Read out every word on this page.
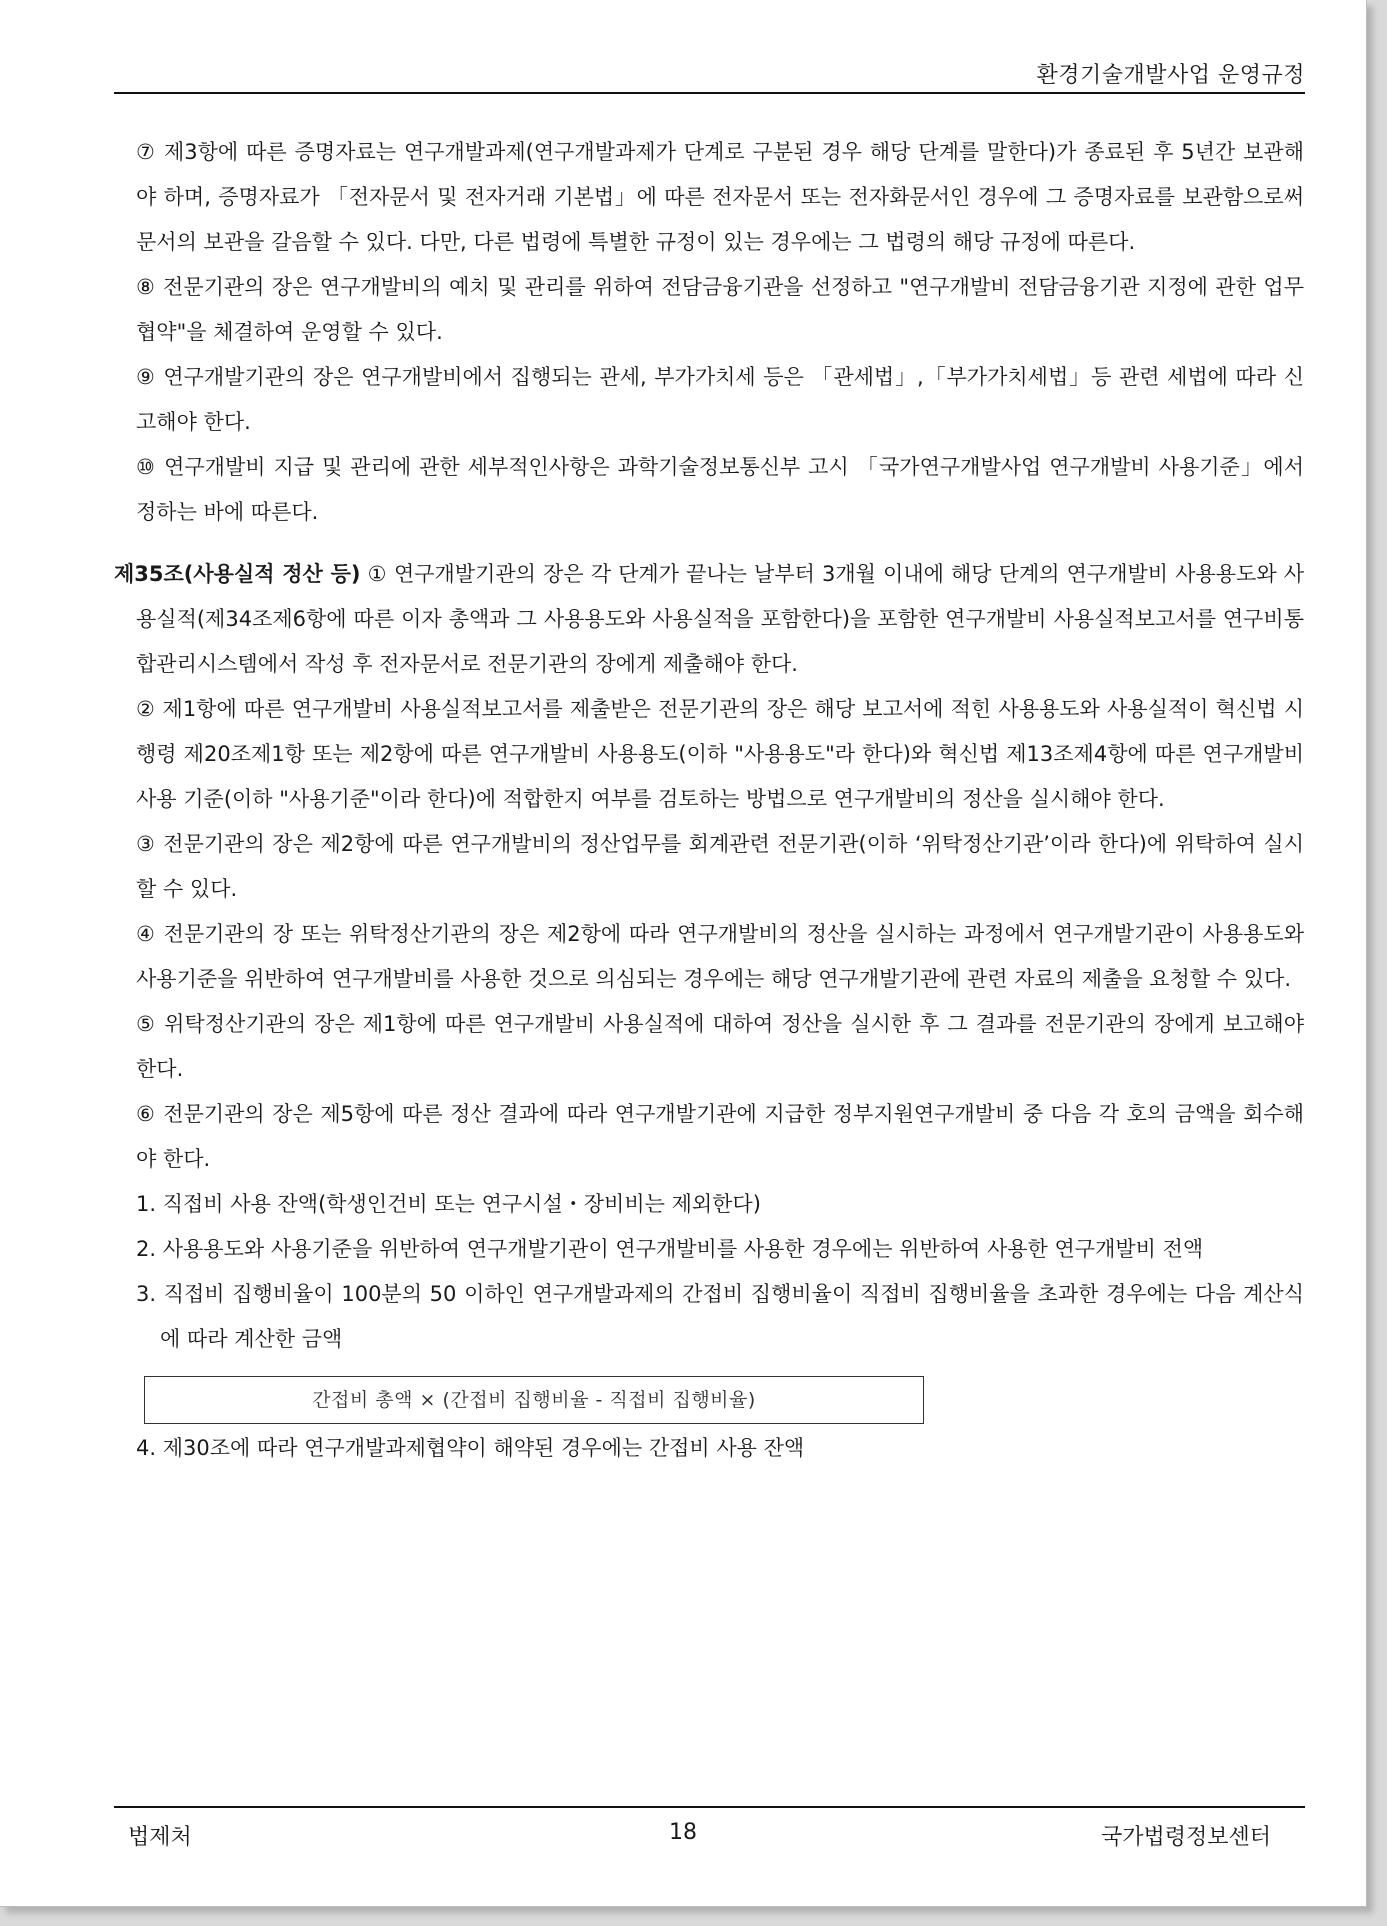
환경기술개발사업 운영규정

⑦ 제3항에 따른 증명자료는 연구개발과제(연구개발과제가 단계로 구분된 경우 해당 단계를 말한다)가 종료된 후 5년간 보관해야 하며, 증명자료가 「전자문서 및 전자거래 기본법」에 따른 전자문서 또는 전자화문서인 경우에 그 증명자료를 보관함으로써 문서의 보관을 갈음할 수 있다. 다만, 다른 법령에 특별한 규정이 있는 경우에는 그 법령의 해당 규정에 따른다.

⑧ 전문기관의 장은 연구개발비의 예치 및 관리를 위하여 전담금융기관을 선정하고 "연구개발비 전담금융기관 지정에 관한 업무협약"을 체결하여 운영할 수 있다.

⑨ 연구개발기관의 장은 연구개발비에서 집행되는 관세, 부가가치세 등은 「관세법」,「부가가치세법」등 관련 세법에 따라 신고해야 한다.

⑩ 연구개발비 지급 및 관리에 관한 세부적인사항은 과학기술정보통신부 고시 「국가연구개발사업 연구개발비 사용기준」에서 정하는 바에 따른다.

제35조(사용실적 정산 등) ① 연구개발기관의 장은 각 단계가 끝나는 날부터 3개월 이내에 해당 단계의 연구개발비 사용용도와 사용실적(제34조제6항에 따른 이자 총액과 그 사용용도와 사용실적을 포함한다)을 포함한 연구개발비 사용실적보고서를 연구비통합관리시스템에서 작성 후 전자문서로 전문기관의 장에게 제출해야 한다.

② 제1항에 따른 연구개발비 사용실적보고서를 제출받은 전문기관의 장은 해당 보고서에 적힌 사용용도와 사용실적이 혁신법 시행령 제20조제1항 또는 제2항에 따른 연구개발비 사용용도(이하 "사용용도"라 한다)와 혁신법 제13조제4항에 따른 연구개발비 사용 기준(이하 "사용기준"이라 한다)에 적합한지 여부를 검토하는 방법으로 연구개발비의 정산을 실시해야 한다.

③ 전문기관의 장은 제2항에 따른 연구개발비의 정산업무를 회계관련 전문기관(이하 ‘위탁정산기관’이라 한다)에 위탁하여 실시할 수 있다.

④ 전문기관의 장 또는 위탁정산기관의 장은 제2항에 따라 연구개발비의 정산을 실시하는 과정에서 연구개발기관이 사용용도와 사용기준을 위반하여 연구개발비를 사용한 것으로 의심되는 경우에는 해당 연구개발기관에 관련 자료의 제출을 요청할 수 있다.

⑤ 위탁정산기관의 장은 제1항에 따른 연구개발비 사용실적에 대하여 정산을 실시한 후 그 결과를 전문기관의 장에게 보고해야 한다.

⑥ 전문기관의 장은 제5항에 따른 정산 결과에 따라 연구개발기관에 지급한 정부지원연구개발비 중 다음 각 호의 금액을 회수해야 한다.

1. 직접비 사용 잔액(학생인건비 또는 연구시설・장비비는 제외한다)

2. 사용용도와 사용기준을 위반하여 연구개발기관이 연구개발비를 사용한 경우에는 위반하여 사용한 연구개발비 전액

3. 직접비 집행비율이 100분의 50 이하인 연구개발과제의 간접비 집행비율이 직접비 집행비율을 초과한 경우에는 다음 계산식에 따라 계산한 금액

간접비 총액 × (간접비 집행비율 - 직접비 집행비율)

4. 제30조에 따라 연구개발과제협약이 해약된 경우에는 간접비 사용 잔액

법제처	18	국가법령정보센터
